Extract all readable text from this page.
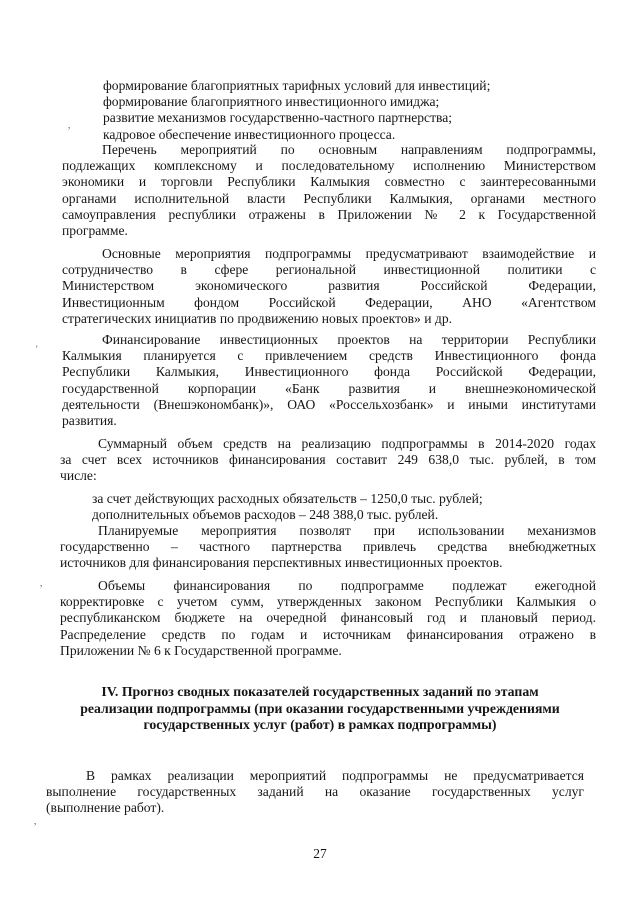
формирование благоприятных тарифных условий для инвестиций;
формирование благоприятного инвестиционного имиджа;
развитие механизмов государственно-частного партнерства;
кадровое обеспечение инвестиционного процесса.
Перечень мероприятий по основным направлениям подпрограммы,
подлежащих комплексному и последовательному исполнению Министерством
экономики и торговли Республики Калмыкия совместно с заинтересованными
органами исполнительной власти Республики Калмыкия, органами местного
самоуправления республики отражены в Приложении № 2 к Государственной
программе.
Основные мероприятия подпрограммы предусматривают взаимодействие и
сотрудничество в сфере региональной инвестиционной политики с
Министерством экономического развития Российской Федерации,
Инвестиционным фондом Российской Федерации, АНО «Агентством
стратегических инициатив по продвижению новых проектов» и др.
Финансирование инвестиционных проектов на территории Республики
Калмыкия планируется с привлечением средств Инвестиционного фонда
Республики Калмыкия, Инвестиционного фонда Российской Федерации,
государственной корпорации «Банк развития и внешнеэкономической
деятельности (Внешэкономбанк)», ОАО «Россельхозбанк» и иными институтами
развития.
Суммарный объем средств на реализацию подпрограммы в 2014-2020 годах
за счет всех источников финансирования составит 249 638,0 тыс. рублей, в том
числе:
за счет действующих расходных обязательств – 1250,0 тыс. рублей;
дополнительных объемов расходов – 248 388,0 тыс. рублей.
Планируемые мероприятия позволят при использовании механизмов
государственно – частного партнерства привлечь средства внебюджетных
источников для финансирования перспективных инвестиционных проектов.
Объемы финансирования по подпрограмме подлежат ежегодной
корректировке с учетом сумм, утвержденных законом Республики Калмыкия о
республиканском бюджете на очередной финансовый год и плановый период.
Распределение средств по годам и источникам финансирования отражено в
Приложении № 6 к Государственной программе.
IV. Прогноз сводных показателей государственных заданий по этапам
реализации подпрограммы (при оказании государственными учреждениями
государственных услуг (работ) в рамках подпрограммы)
В рамках реализации мероприятий подпрограммы не предусматривается
выполнение государственных заданий на оказание государственных услуг
(выполнение работ).
27
,
'
,
,
